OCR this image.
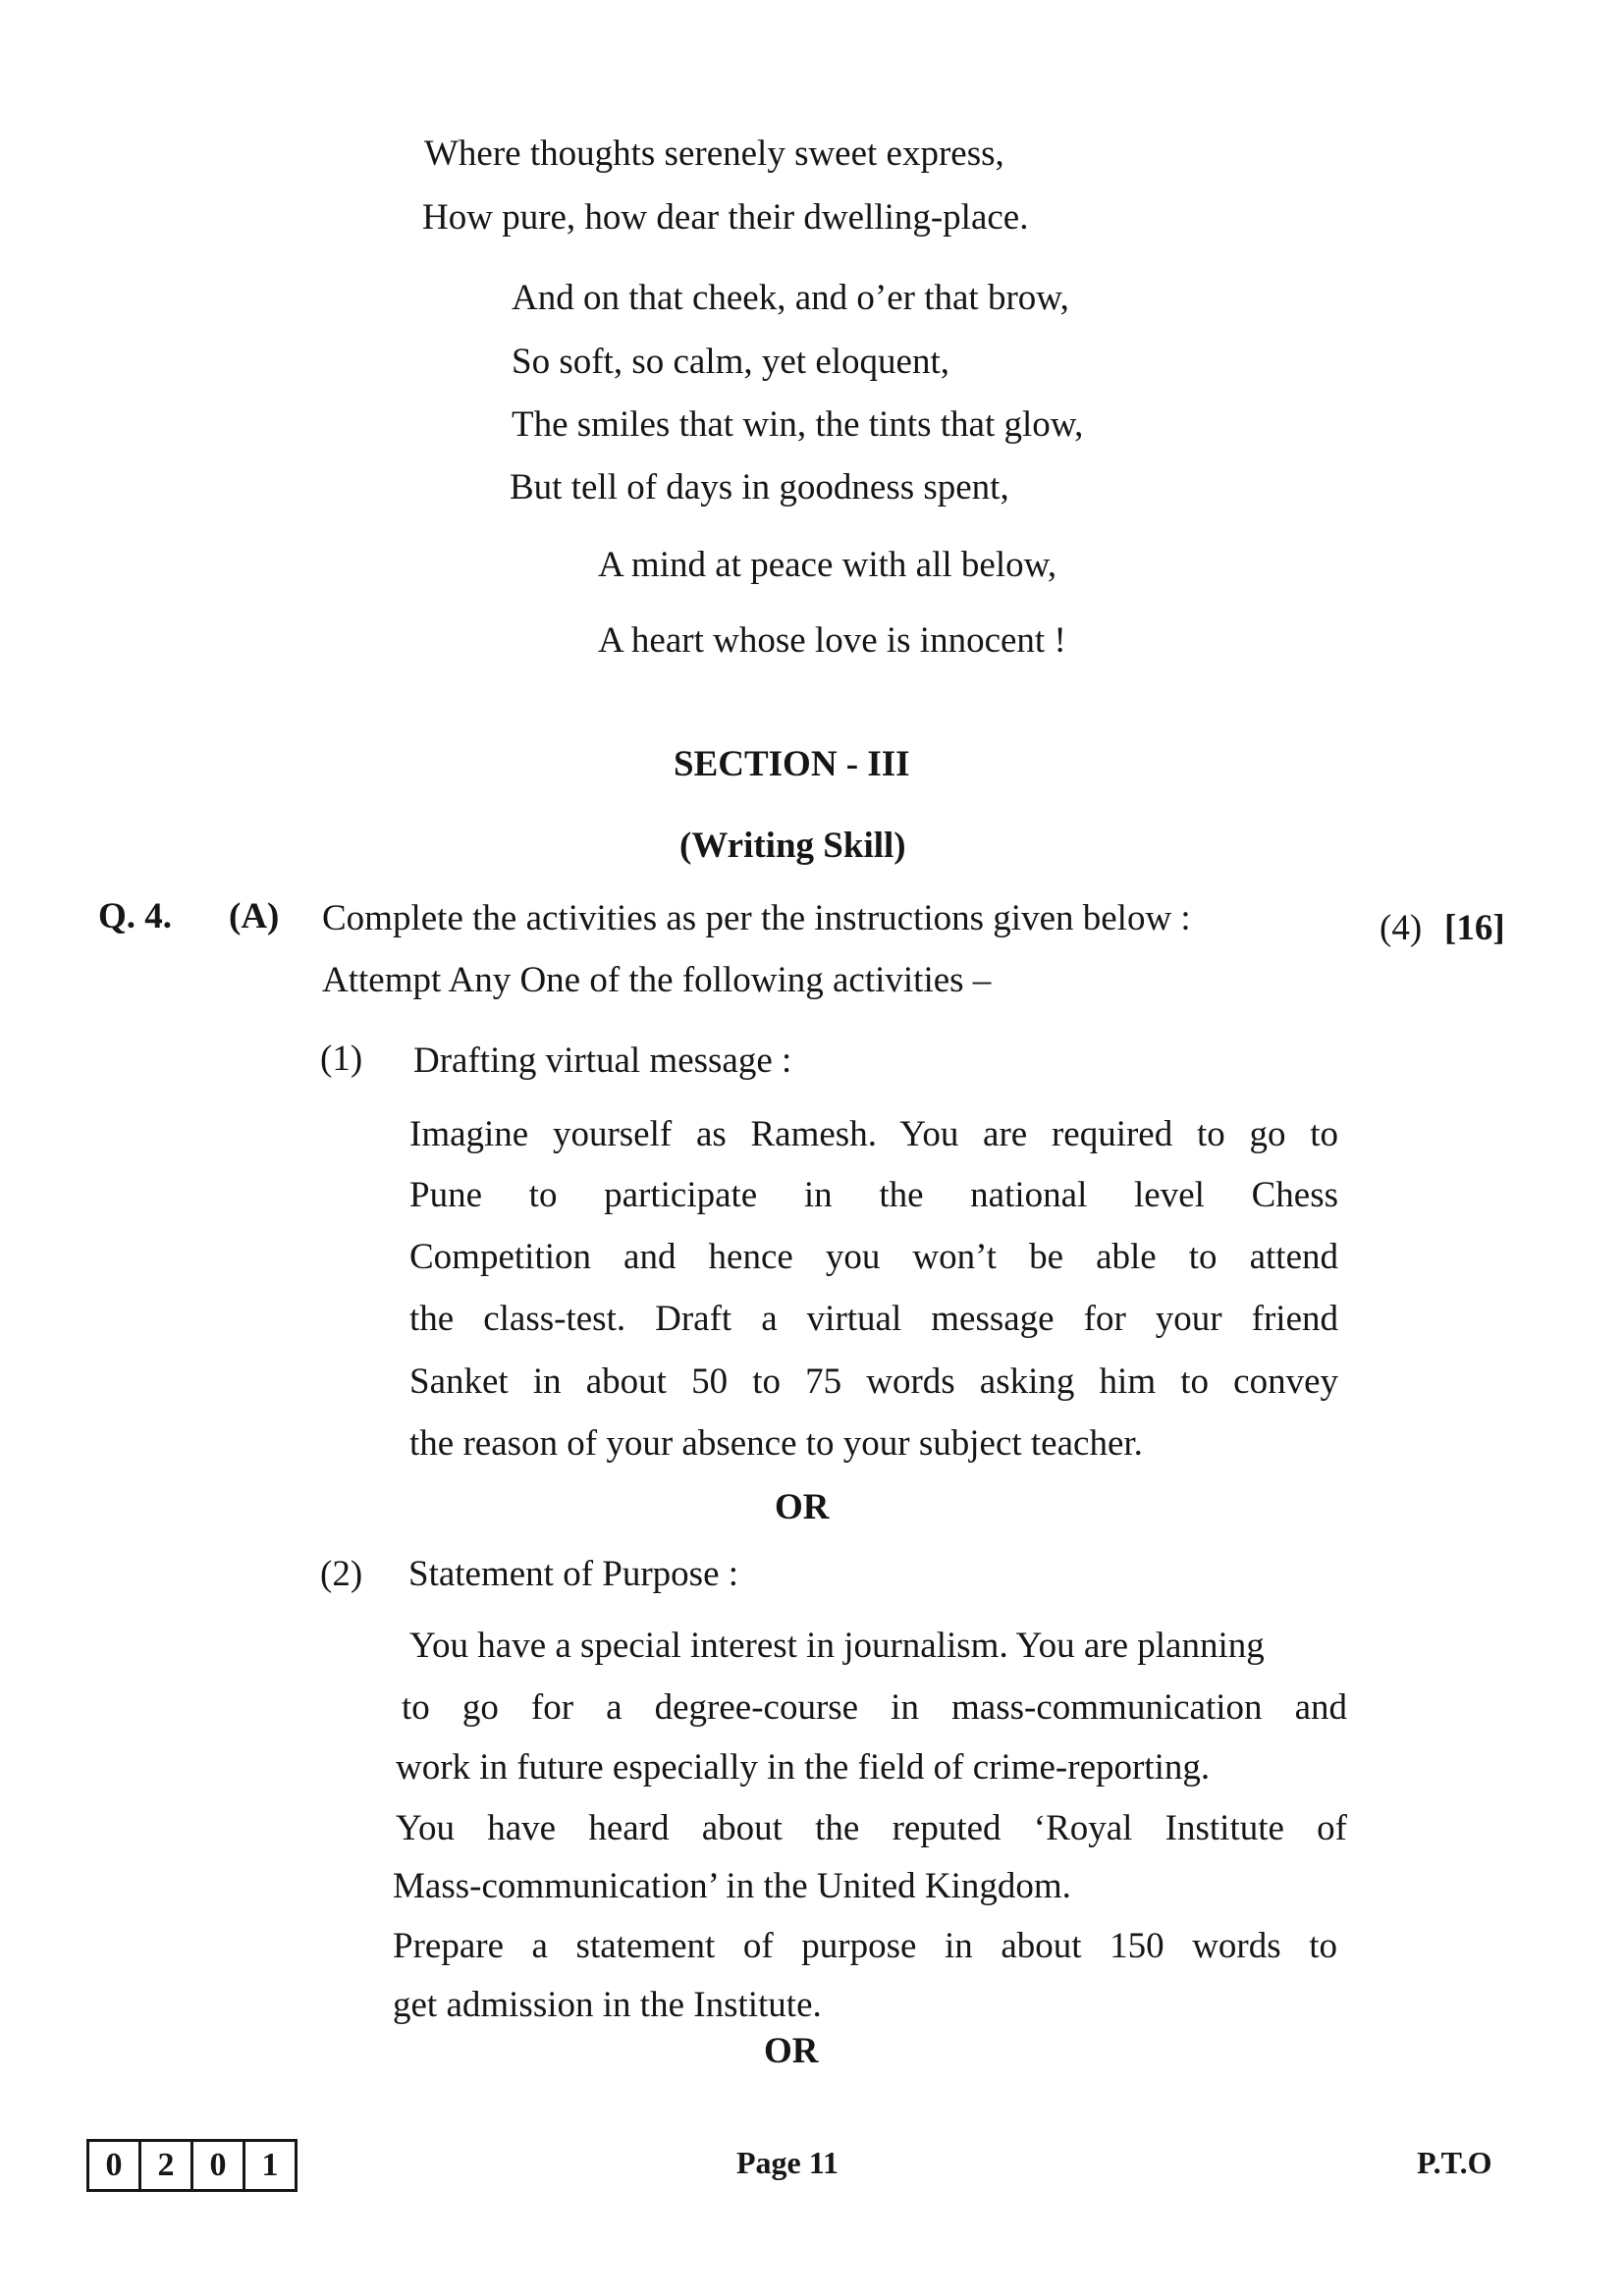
Where thoughts serenely sweet express,
How pure, how dear their dwelling-place.
And on that cheek, and o’er that brow,
So soft, so calm, yet eloquent,
The smiles that win, the tints that glow,
But tell of days in goodness spent,
A mind at peace with all below,
A heart whose love is innocent !
SECTION - III
(Writing Skill)
Q. 4. (A) Complete the activities as per the instructions given below :	(4) [16]
Attempt Any One of the following activities –
(1) Drafting virtual message :
Imagine yourself as Ramesh. You are required to go to
Pune to participate in the national level Chess
Competition and hence you won’t be able to attend
the class-test. Draft a virtual message for your friend
Sanket in about 50 to 75 words asking him to convey
the reason of your absence to your subject teacher.
OR
(2) Statement of Purpose :
You have a special interest in journalism. You are planning
to go for a degree-course in mass-communication and
work in future especially in the field of crime-reporting.
You have heard about the reputed ‘Royal Institute of
Mass-communication’ in the United Kingdom.
Prepare a statement of purpose in about 150 words to
get admission in the Institute.
OR
0	2	0	1	Page 11	P.T.O
